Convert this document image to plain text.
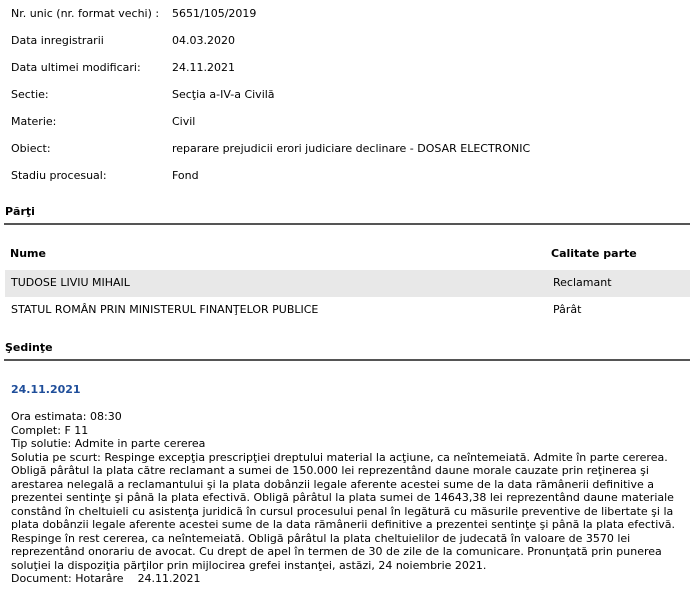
Nr. unic (nr. format vechi) : 5651/105/2019
Data inregistrarii	04.03.2020
Data ultimei modificari:	24.11.2021
Sectie:	Secţia a-IV-a Civilă
Materie:	Civil
Obiect:	reparare prejudicii erori judiciare declinare - DOSAR ELECTRONIC
Stadiu procesual:	Fond
Părţi
Nume	Calitate parte
TUDOSE LIVIU MIHAIL	Reclamant
STATUL ROMÂN PRIN MINISTERUL FINANŢELOR PUBLICE	Pârât
Şedinţe
24.11.2021
Ora estimata: 08:30
Complet: F 11
Tip solutie: Admite in parte cererea
Solutia pe scurt: Respinge excepţia prescripţiei dreptului material la acţiune, ca neîntemeiată. Admite în parte cererea. Obligă pârâtul la plata către reclamant a sumei de 150.000 lei reprezentând daune morale cauzate prin reţinerea şi arestarea nelegală a reclamantului şi la plata dobânzii legale aferente acestei sume de la data rămânerii definitive a prezentei sentinţe şi până la plata efectivă. Obligă pârâtul la plata sumei de 14643,38 lei reprezentând daune materiale constând în cheltuieli cu asistenţa juridică în cursul procesului penal în legătură cu măsurile preventive de libertate şi la plata dobânzii legale aferente acestei sume de la data rămânerii definitive a prezentei sentinţe şi până la plata efectivă. Respinge în rest cererea, ca neîntemeiată. Obligă pârâtul la plata cheltuielilor de judecată în valoare de 3570 lei reprezentând onorariu de avocat. Cu drept de apel în termen de 30 de zile de la comunicare. Pronunţată prin punerea soluţiei la dispoziţia părţilor prin mijlocirea grefei instanţei, astăzi, 24 noiembrie 2021.
Document: Hotarâre 24.11.2021
